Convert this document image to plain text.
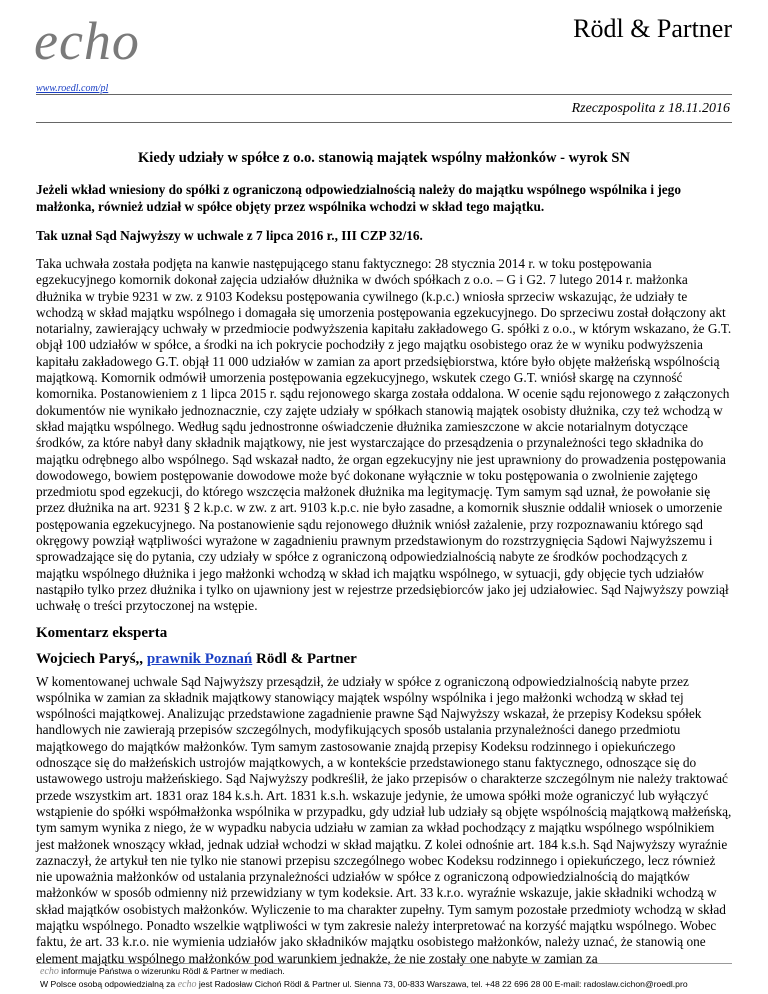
echo	Rödl & Partner
www.roedl.com/pl
Rzeczpospolita z 18.11.2016
Kiedy udziały w spółce z o.o. stanowią majątek wspólny małżonków - wyrok SN

Jeżeli wkład wniesiony do spółki z ograniczoną odpowiedzialnością należy do majątku wspólnego wspólnika i jego małżonka, również udział w spółce objęty przez wspólnika wchodzi w skład tego majątku.

Tak uznał Sąd Najwyższy w uchwale z 7 lipca 2016 r., III CZP 32/16.

Taka uchwała została podjęta na kanwie następującego stanu faktycznego: 28 stycznia 2014 r. w toku postępowania egzekucyjnego komornik dokonał zajęcia udziałów dłużnika w dwóch spółkach z o.o. – G i G2. 7 lutego 2014 r. małżonka dłużnika w trybie 9231 w zw. z 9103 Kodeksu postępowania cywilnego (k.p.c.) wniosła sprzeciw wskazując, że udziały te wchodzą w skład majątku wspólnego i domagała się umorzenia postępowania egzekucyjnego. Do sprzeciwu został dołączony akt notarialny, zawierający uchwały w przedmiocie podwyższenia kapitału zakładowego G. spółki z o.o., w którym wskazano, że G.T. objął 100 udziałów w spółce, a środki na ich pokrycie pochodziły z jego majątku osobistego oraz że w wyniku podwyższenia kapitału zakładowego G.T. objął 11 000 udziałów w zamian za aport przedsiębiorstwa, które było objęte małżeńską wspólnością majątkową. Komornik odmówił umorzenia postępowania egzekucyjnego, wskutek czego G.T. wniósł skargę na czynność komornika. Postanowieniem z 1 lipca 2015 r. sądu rejonowego skarga została oddalona. W ocenie sądu rejonowego z załączonych dokumentów nie wynikało jednoznacznie, czy zajęte udziały w spółkach stanowią majątek osobisty dłużnika, czy też wchodzą w skład majątku wspólnego. Według sądu jednostronne oświadczenie dłużnika zamieszczone w akcie notarialnym dotyczące środków, za które nabył dany składnik majątkowy, nie jest wystarczające do przesądzenia o przynależności tego składnika do majątku odrębnego albo wspólnego. Sąd wskazał nadto, że organ egzekucyjny nie jest uprawniony do prowadzenia postępowania dowodowego, bowiem postępowanie dowodowe może być dokonane wyłącznie w toku postępowania o zwolnienie zajętego przedmiotu spod egzekucji, do którego wszczęcia małżonek dłużnika ma legitymację. Tym samym sąd uznał, że powołanie się przez dłużnika na art. 9231 § 2 k.p.c. w zw. z art. 9103 k.p.c. nie było zasadne, a komornik słusznie oddalił wniosek o umorzenie postępowania egzekucyjnego. Na postanowienie sądu rejonowego dłużnik wniósł zażalenie, przy rozpoznawaniu którego sąd okręgowy powziął wątpliwości wyrażone w zagadnieniu prawnym przedstawionym do rozstrzygnięcia Sądowi Najwyższemu i sprowadzające się do pytania, czy udziały w spółce z ograniczoną odpowiedzialnością nabyte ze środków pochodzących z majątku wspólnego dłużnika i jego małżonki wchodzą w skład ich majątku wspólnego, w sytuacji, gdy objęcie tych udziałów nastąpiło tylko przez dłużnika i tylko on ujawniony jest w rejestrze przedsiębiorców jako jej udziałowiec. Sąd Najwyższy powziął uchwałę o treści przytoczonej na wstępie.

Komentarz eksperta
Wojciech Paryś,, prawnik Poznań Rödl & Partner

W komentowanej uchwale Sąd Najwyższy przesądził, że udziały w spółce z ograniczoną odpowiedzialnością nabyte przez wspólnika w zamian za składnik majątkowy stanowiący majątek wspólny wspólnika i jego małżonki wchodzą w skład tej wspólności majątkowej. Analizując przedstawione zagadnienie prawne Sąd Najwyższy wskazał, że przepisy Kodeksu spółek handlowych nie zawierają przepisów szczególnych, modyfikujących sposób ustalania przynależności danego przedmiotu majątkowego do majątków małżonków. Tym samym zastosowanie znajdą przepisy Kodeksu rodzinnego i opiekuńczego odnoszące się do małżeńskich ustrojów majątkowych, a w kontekście przedstawionego stanu faktycznego, odnoszące się do ustawowego ustroju małżeńskiego. Sąd Najwyższy podkreślił, że jako przepisów o charakterze szczególnym nie należy traktować przede wszystkim art. 1831 oraz 184 k.s.h. Art. 1831 k.s.h. wskazuje jedynie, że umowa spółki może ograniczyć lub wyłączyć wstąpienie do spółki współmałżonka wspólnika w przypadku, gdy udział lub udziały są objęte wspólnością majątkową małżeńską, tym samym wynika z niego, że w wypadku nabycia udziału w zamian za wkład pochodzący z majątku wspólnego wspólnikiem jest małżonek wnoszący wkład, jednak udział wchodzi w skład majątku. Z kolei odnośnie art. 184 k.s.h. Sąd Najwyższy wyraźnie zaznaczył, że artykuł ten nie tylko nie stanowi przepisu szczególnego wobec Kodeksu rodzinnego i opiekuńczego, lecz również nie upoważnia małżonków od ustalania przynależności udziałów w spółce z ograniczoną odpowiedzialnością do majątków małżonków w sposób odmienny niż przewidziany w tym kodeksie. Art. 33 k.r.o. wyraźnie wskazuje, jakie składniki wchodzą w skład majątków osobistych małżonków. Wyliczenie to ma charakter zupełny. Tym samym pozostałe przedmioty wchodzą w skład majątku wspólnego. Ponadto wszelkie wątpliwości w tym zakresie należy interpretować na korzyść majątku wspólnego. Wobec faktu, że art. 33 k.r.o. nie wymienia udziałów jako składników majątku osobistego małżonków, należy uznać, że stanowią one element majątku wspólnego małżonków pod warunkiem jednakże, że nie zostały one nabyte w zamian za

echo informuje Państwa o wizerunku Rödl & Partner w mediach.
W Polsce osobą odpowiedzialną za echo jest Radosław Cichoń Rödl & Partner ul. Sienna 73, 00-833 Warszawa, tel. +48 22 696 28 00 E-mail: radoslaw.cichon@roedl.pro
